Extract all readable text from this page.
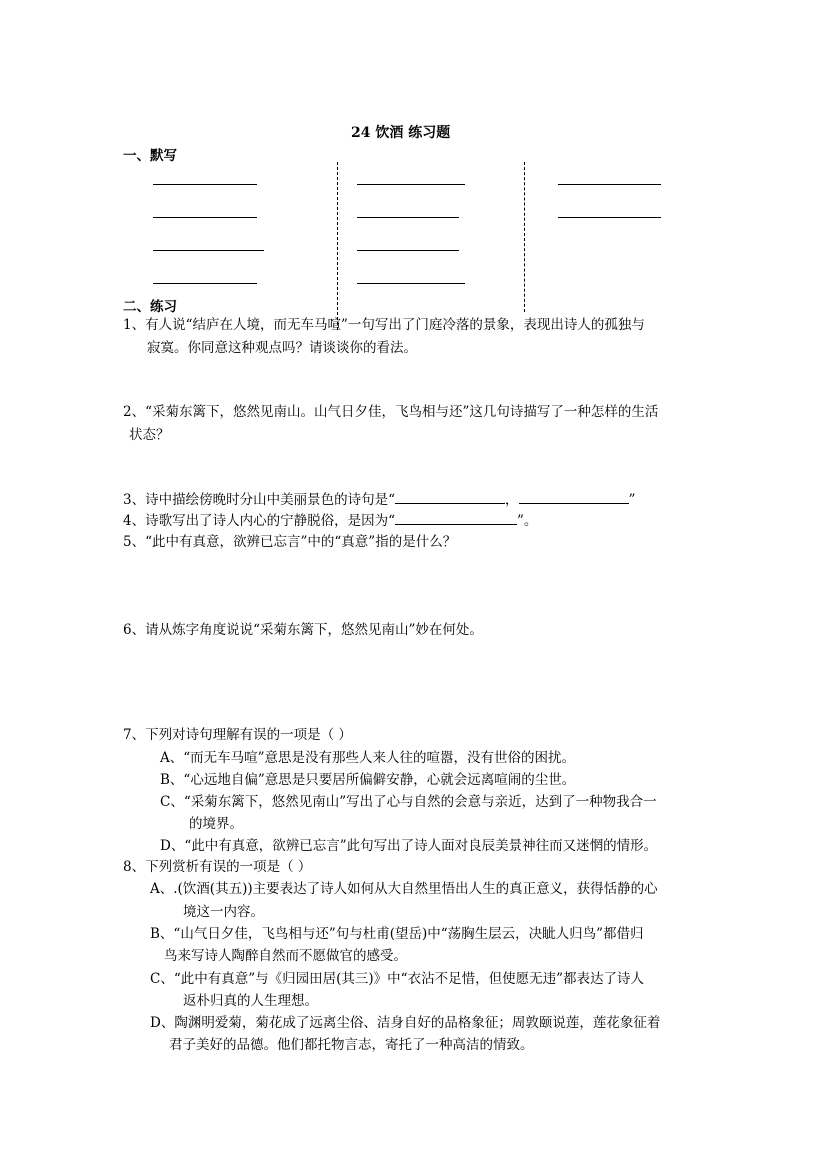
24 饮酒 练习题
一、默写
二、练习
1、有人说“结庐在人境，而无车马喧”一句写出了门庭冷落的景象，表现出诗人的孤独与
寂寞。你同意这种观点吗？请谈谈你的看法。
2、“采菊东篱下，悠然见南山。山气日夕佳，飞鸟相与还”这几句诗描写了一种怎样的生活
状态？
3、诗中描绘傍晚时分山中美丽景色的诗句是“	，	”
4、诗歌写出了诗人内心的宁静脱俗，是因为“	”。
5、“此中有真意，欲辨已忘言”中的“真意”指的是什么？
6、请从炼字角度说说“采菊东篱下，悠然见南山”妙在何处。
7、下列对诗句理解有误的一项是（ ）
A、“而无车马喧”意思是没有那些人来人往的喧嚣，没有世俗的困扰。
B、“心远地自偏”意思是只要居所偏僻安静，心就会远离喧闹的尘世。
C、“采菊东篱下，悠然见南山”写出了心与自然的会意与亲近，达到了一种物我合一
的境界。
D、“此中有真意，欲辨已忘言”此句写出了诗人面对良辰美景神往而又迷惘的情形。
8、下列赏析有误的一项是（ ）
A、.(饮酒(其五))主要表达了诗人如何从大自然里悟出人生的真正意义，获得恬静的心
境这一内容。
B、“山气日夕佳，飞鸟相与还”句与杜甫(望岳)中“荡胸生层云，决眦人归鸟”都借归
鸟来写诗人陶醉自然而不愿做官的感受。
C、“此中有真意”与《归园田居(其三)》中“衣沾不足惜，但使愿无违”都表达了诗人
返朴归真的人生理想。
D、陶渊明爱菊，菊花成了远离尘俗、洁身自好的品格象征；周敦颐说莲，莲花象征着
君子美好的品德。他们都托物言志，寄托了一种高洁的情致。
